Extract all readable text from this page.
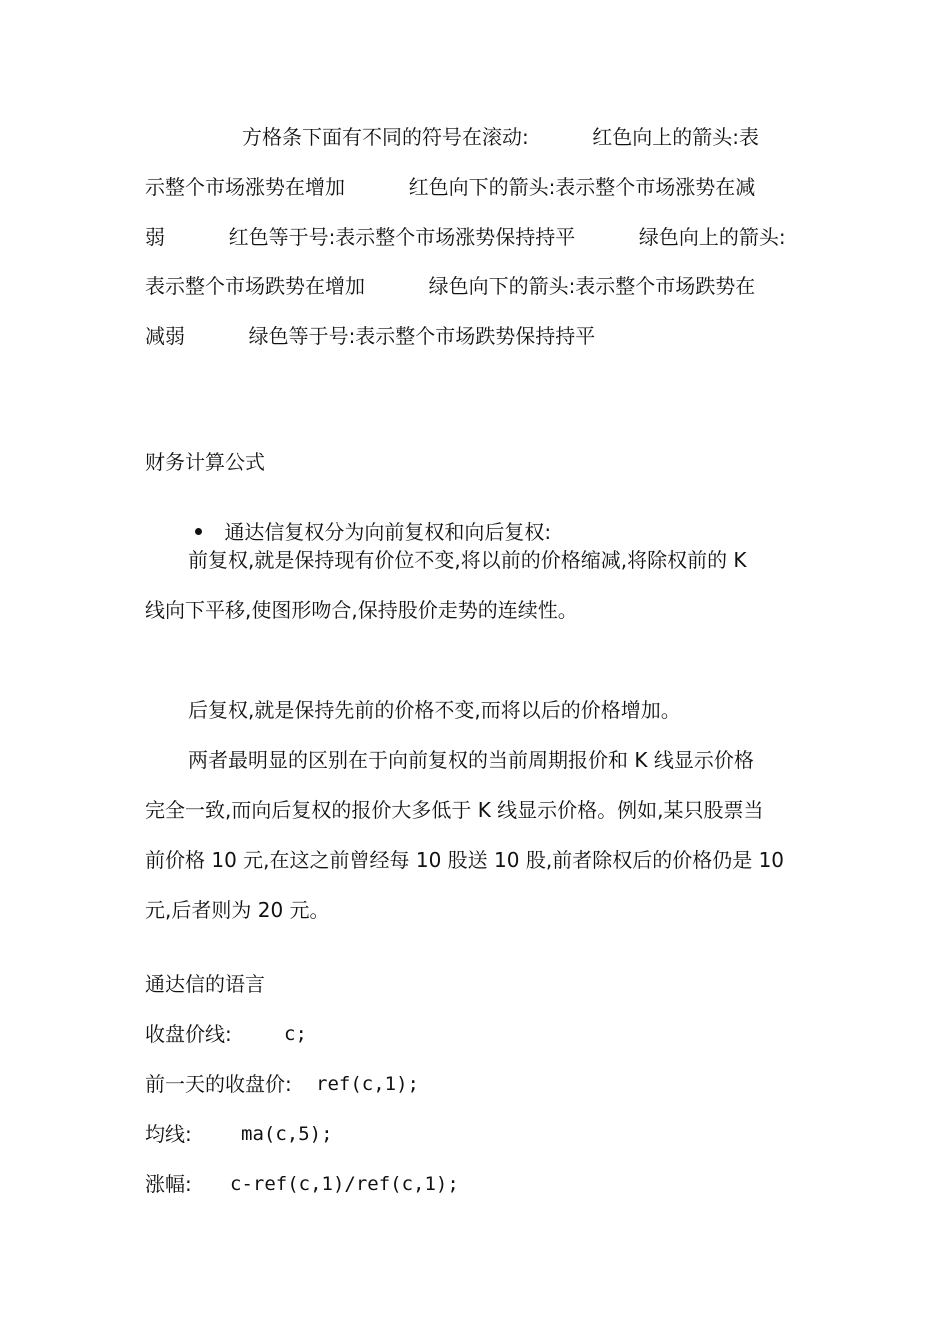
方格条下面有不同的符号在滚动:          红色向上的箭头:表
示整个市场涨势在增加          红色向下的箭头:表示整个市场涨势在减
弱          红色等于号:表示整个市场涨势保持持平          绿色向上的箭头:
表示整个市场跌势在增加          绿色向下的箭头:表示整个市场跌势在
减弱          绿色等于号:表示整个市场跌势保持持平
财务计算公式

通达信复权分为向前复权和向后复权:

前复权,就是保持现有价位不变,将以前的价格缩减,将除权前的 K
线向下平移,使图形吻合,保持股价走势的连续性。
后复权,就是保持先前的价格不变,而将以后的价格增加。
两者最明显的区别在于向前复权的当前周期报价和 K 线显示价格
完全一致,而向后复权的报价大多低于 K 线显示价格。例如,某只股票当
前价格 10 元,在这之前曾经每 10 股送 10 股,前者除权后的价格仍是 10
元,后者则为 20 元。
通达信的语言
收盘价线:	c;
前一天的收盘价: ref(c,1);
均线:	ma(c,5);
涨幅: c-ref(c,1)/ref(c,1);
